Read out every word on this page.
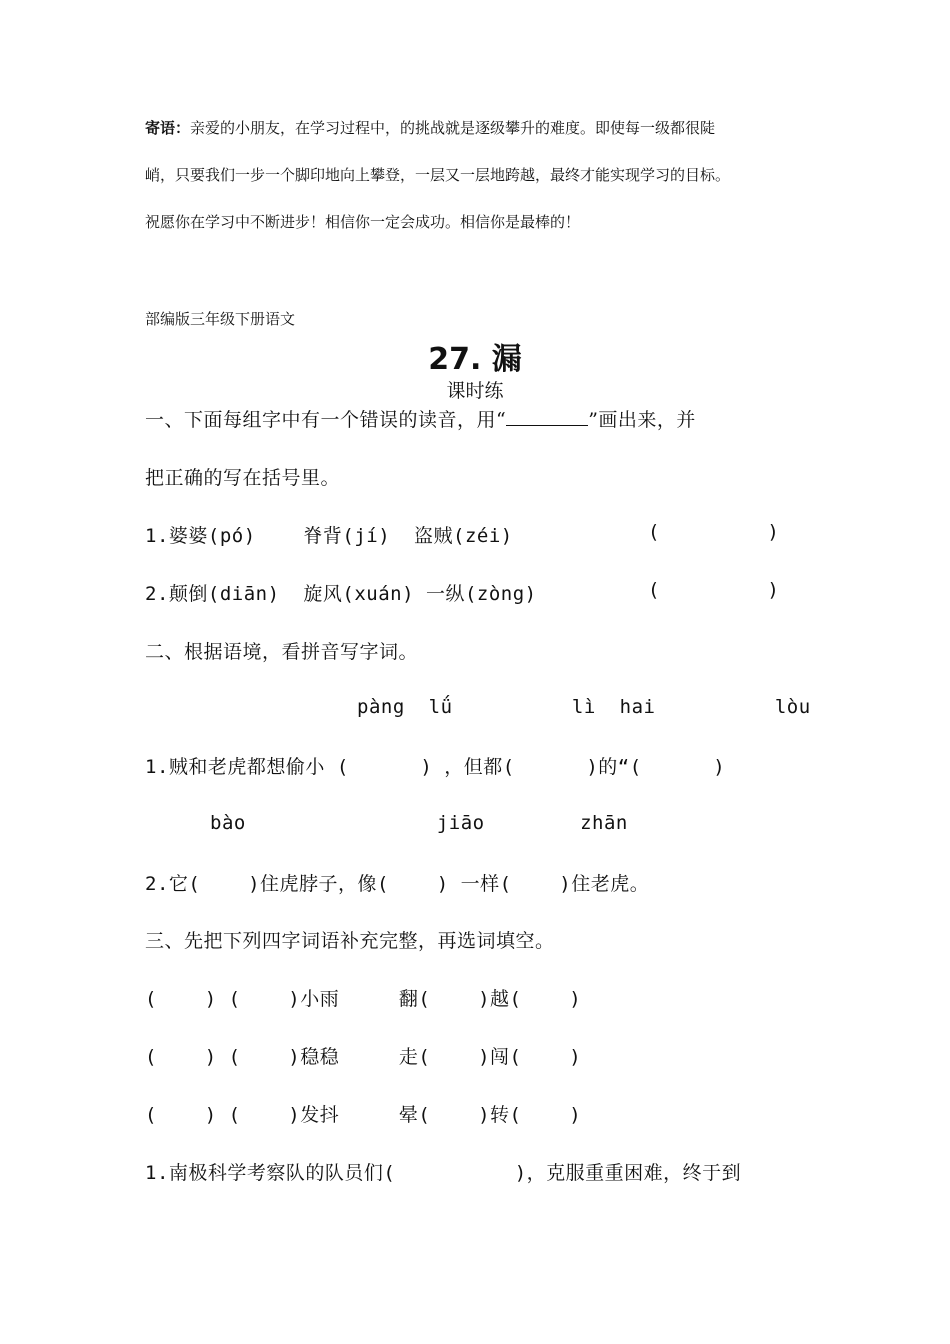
寄语：亲爱的小朋友，在学习过程中，的挑战就是逐级攀升的难度。即使每一级都很陡
峭，只要我们一步一个脚印地向上攀登，一层又一层地跨越，最终才能实现学习的目标。
祝愿你在学习中不断进步！相信你一定会成功。相信你是最棒的！
部编版三年级下册语文
27. 漏
课时练
一、下面每组字中有一个错误的读音，用“	”画出来，并
把正确的写在括号里。
1.婆婆(pó)    脊背(jí)  盗贼(zéi)	(         )
2.颠倒(diān)  旋风(xuán) 一纵(zòng)	(         )
二、根据语境，看拼音写字词。
pàng  lǘ          lì  hai          lòu
1.贼和老虎都想偷小 (      ) ，但都(      )的“(      )
bào                jiāo        zhān
2.它(    )住虎脖子，像(    ) 一样(    )住老虎。
三、先把下列四字词语补充完整，再选词填空。
(    ) (    )小雨     翻(    )越(    )
(    ) (    )稳稳     走(    )闯(    )
(    ) (    )发抖     晕(    )转(    )
1.南极科学考察队的队员们(          )，克服重重困难，终于到
